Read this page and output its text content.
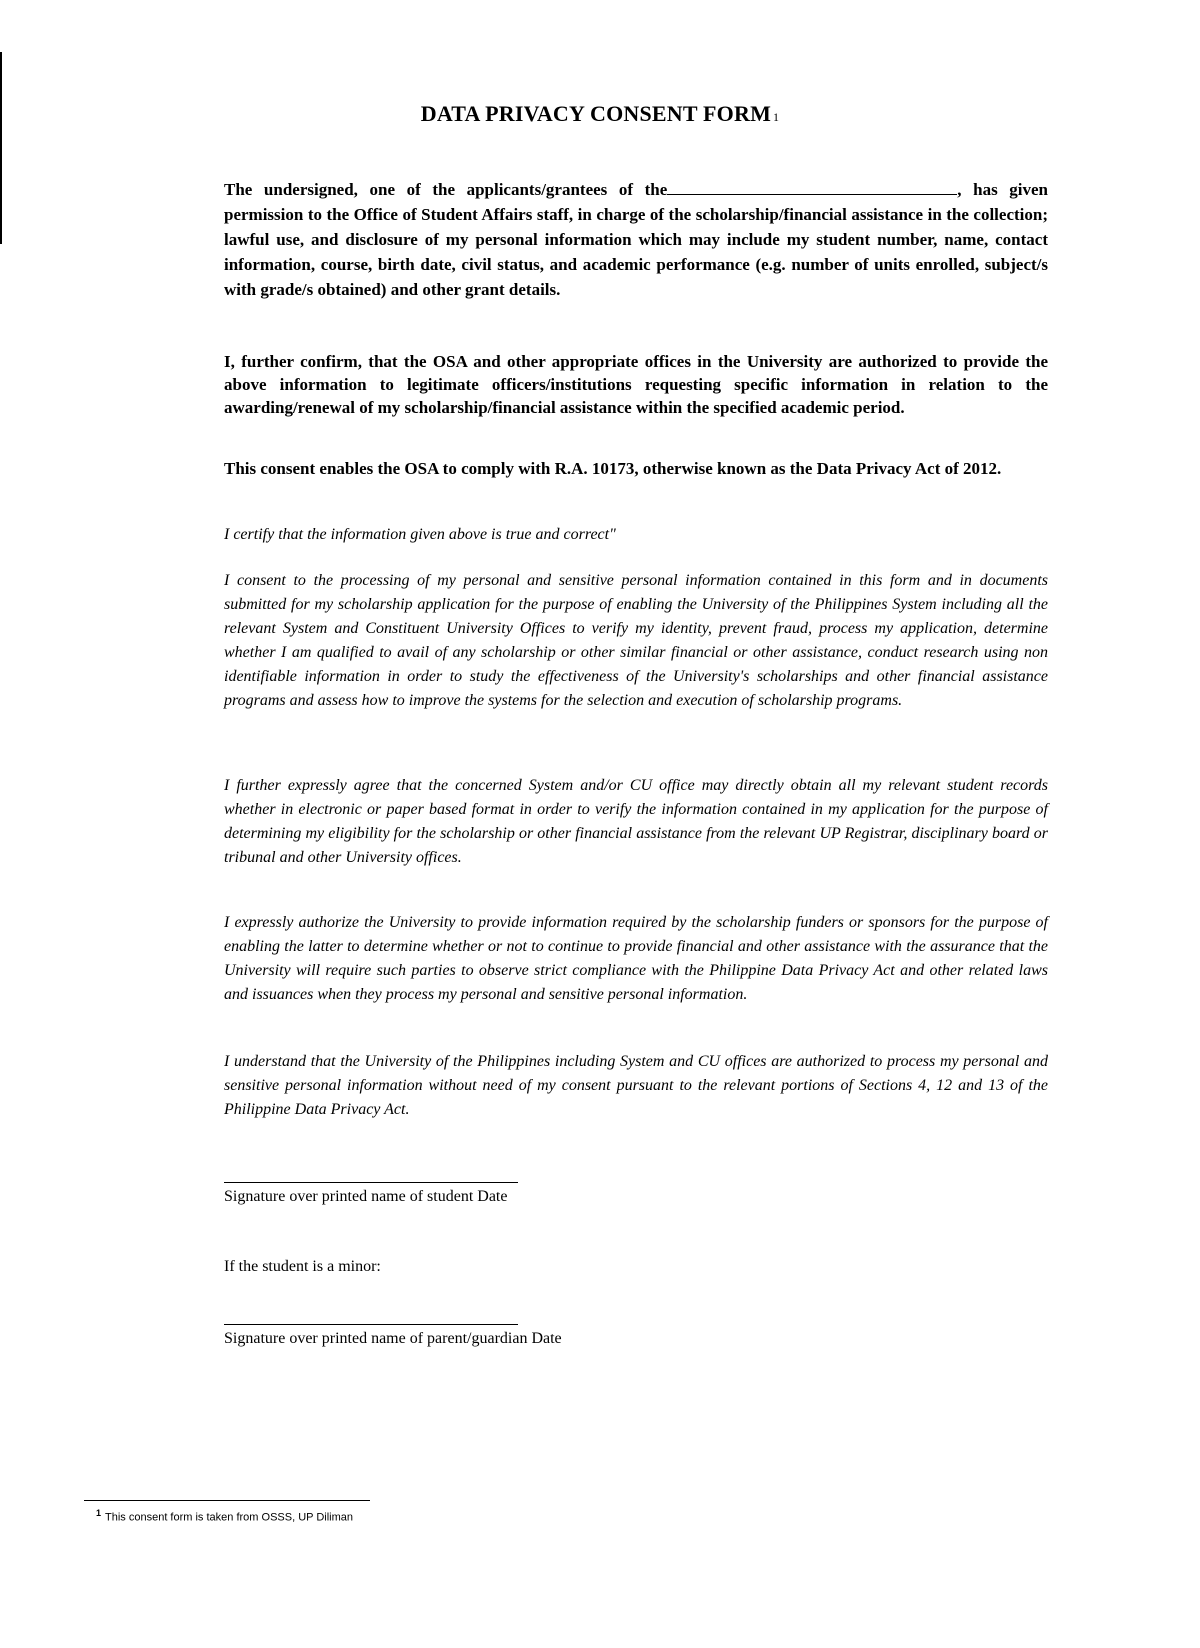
DATA PRIVACY CONSENT FORM 1

The undersigned, one of the applicants/grantees of the	, has given permission to the Office of Student Affairs staff, in charge of the scholarship/financial assistance in the collection; lawful use, and disclosure of my personal information which may include my student number, name, contact information, course, birth date, civil status, and academic performance (e.g. number of units enrolled, subject/s with grade/s obtained) and other grant details.

I, further confirm, that the OSA and other appropriate offices in the University are authorized to provide the above information to legitimate officers/institutions requesting specific information in relation to the awarding/renewal of my scholarship/financial assistance within the specified academic period.

This consent enables the OSA to comply with R.A. 10173, otherwise known as the Data Privacy Act of 2012.

I certify that the information given above is true and correct"

I consent to the processing of my personal and sensitive personal information contained in this form and in documents submitted for my scholarship application for the purpose of enabling the University of the Philippines System including all the relevant System and Constituent University Offices to verify my identity, prevent fraud, process my application, determine whether I am qualified to avail of any scholarship or other similar financial or other assistance, conduct research using non identifiable information in order to study the effectiveness of the University's scholarships and other financial assistance programs and assess how to improve the systems for the selection and execution of scholarship programs.

I further expressly agree that the concerned System and/or CU office may directly obtain all my relevant student records whether in electronic or paper based format in order to verify the information contained in my application for the purpose of determining my eligibility for the scholarship or other financial assistance from the relevant UP Registrar, disciplinary board or tribunal and other University offices.

I expressly authorize the University to provide information required by the scholarship funders or sponsors for the purpose of enabling the latter to determine whether or not to continue to provide financial and other assistance with the assurance that the University will require such parties to observe strict compliance with the Philippine Data Privacy Act and other related laws and issuances when they process my personal and sensitive personal information.

I understand that the University of the Philippines including System and CU offices are authorized to process my personal and sensitive personal information without need of my consent pursuant to the relevant portions of Sections 4, 12 and 13 of the Philippine Data Privacy Act.

Signature over printed name of student Date

If the student is a minor:

Signature over printed name of parent/guardian Date

$^1$ This consent form is taken from OSSS, UP Diliman
